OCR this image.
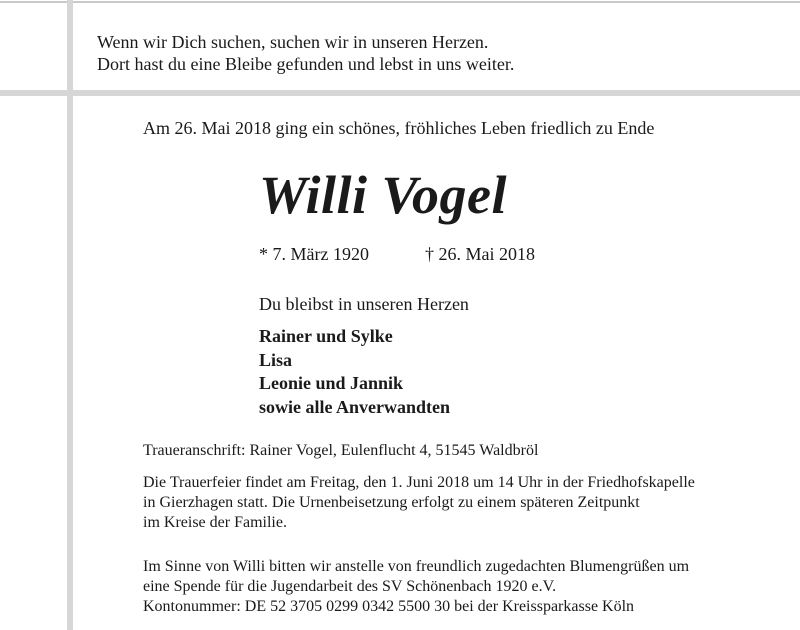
Wenn wir Dich suchen, suchen wir in unseren Herzen.
Dort hast du eine Bleibe gefunden und lebst in uns weiter.
Am 26. Mai 2018 ging ein schönes, fröhliches Leben friedlich zu Ende
Willi Vogel
* 7. März 1920	† 26. Mai 2018
Du bleibst in unseren Herzen
Rainer und Sylke
Lisa
Leonie und Jannik
sowie alle Anverwandten
Traueranschrift: Rainer Vogel, Eulenflucht 4, 51545 Waldbröl
Die Trauerfeier findet am Freitag, den 1. Juni 2018 um 14 Uhr in der Friedhofskapelle
in Gierzhagen statt. Die Urnenbeisetzung erfolgt zu einem späteren Zeitpunkt
im Kreise der Familie.
Im Sinne von Willi bitten wir anstelle von freundlich zugedachten Blumengrüßen um
eine Spende für die Jugendarbeit des SV Schönenbach 1920 e.V.
Kontonummer: DE 52 3705 0299 0342 5500 30 bei der Kreissparkasse Köln
